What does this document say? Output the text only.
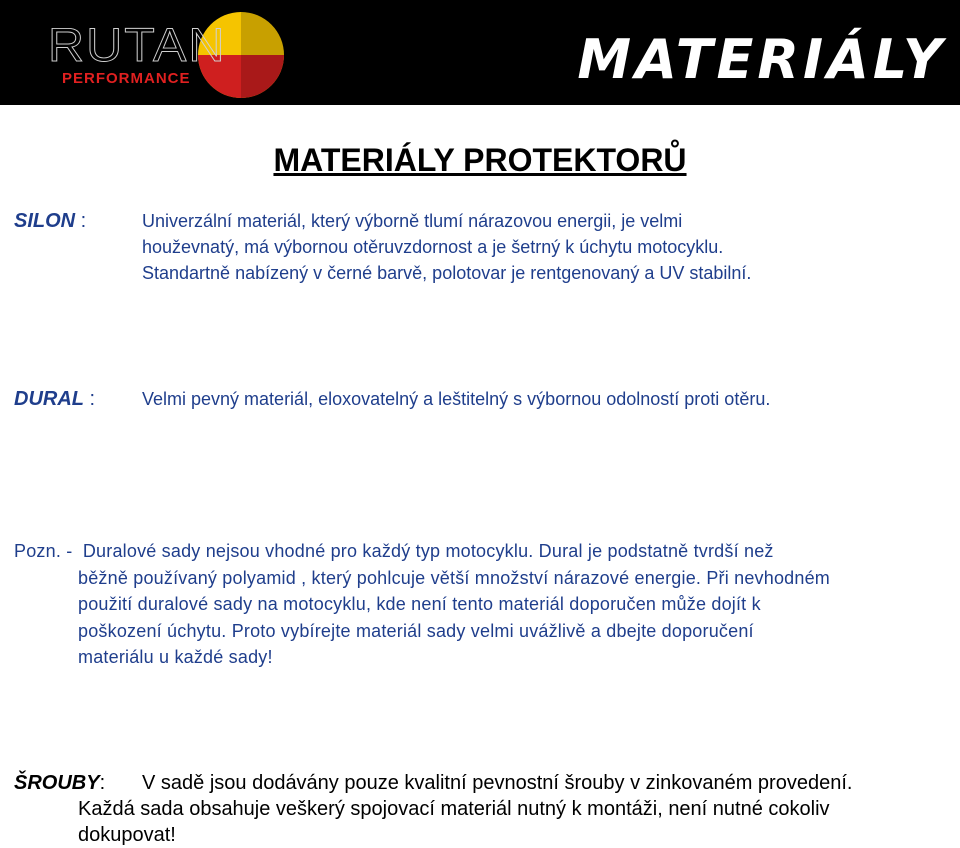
RUTAN
PERFORMANCE	MATERIÁLY
MATERIÁLY PROTEKTORŮ
SILON :	Univerzální materiál, který výborně tlumí nárazovou energii, je velmi
houževnatý, má výbornou otěruvzdornost a je šetrný k úchytu motocyklu.
Standartně nabízený v černé barvě, polotovar je rentgenovaný a UV stabilní.
DURAL :	Velmi pevný materiál, eloxovatelný a leštitelný s výbornou odolností proti otěru.
Pozn. - Duralové sady nejsou vhodné pro každý typ motocyklu. Dural je podstatně tvrdší než
běžně používaný polyamid , který pohlcuje větší množství nárazové energie. Při nevhodném
použití duralové sady na motocyklu, kde není tento materiál doporučen může dojít k
poškození úchytu. Proto vybírejte materiál sady velmi uvážlivě a dbejte doporučení
materiálu u každé sady!
ŠROUBY:	V sadě jsou dodávány pouze kvalitní pevnostní šrouby v zinkovaném provedení.
Každá sada obsahuje veškerý spojovací materiál nutný k montáži, není nutné cokoliv
dokupovat!
